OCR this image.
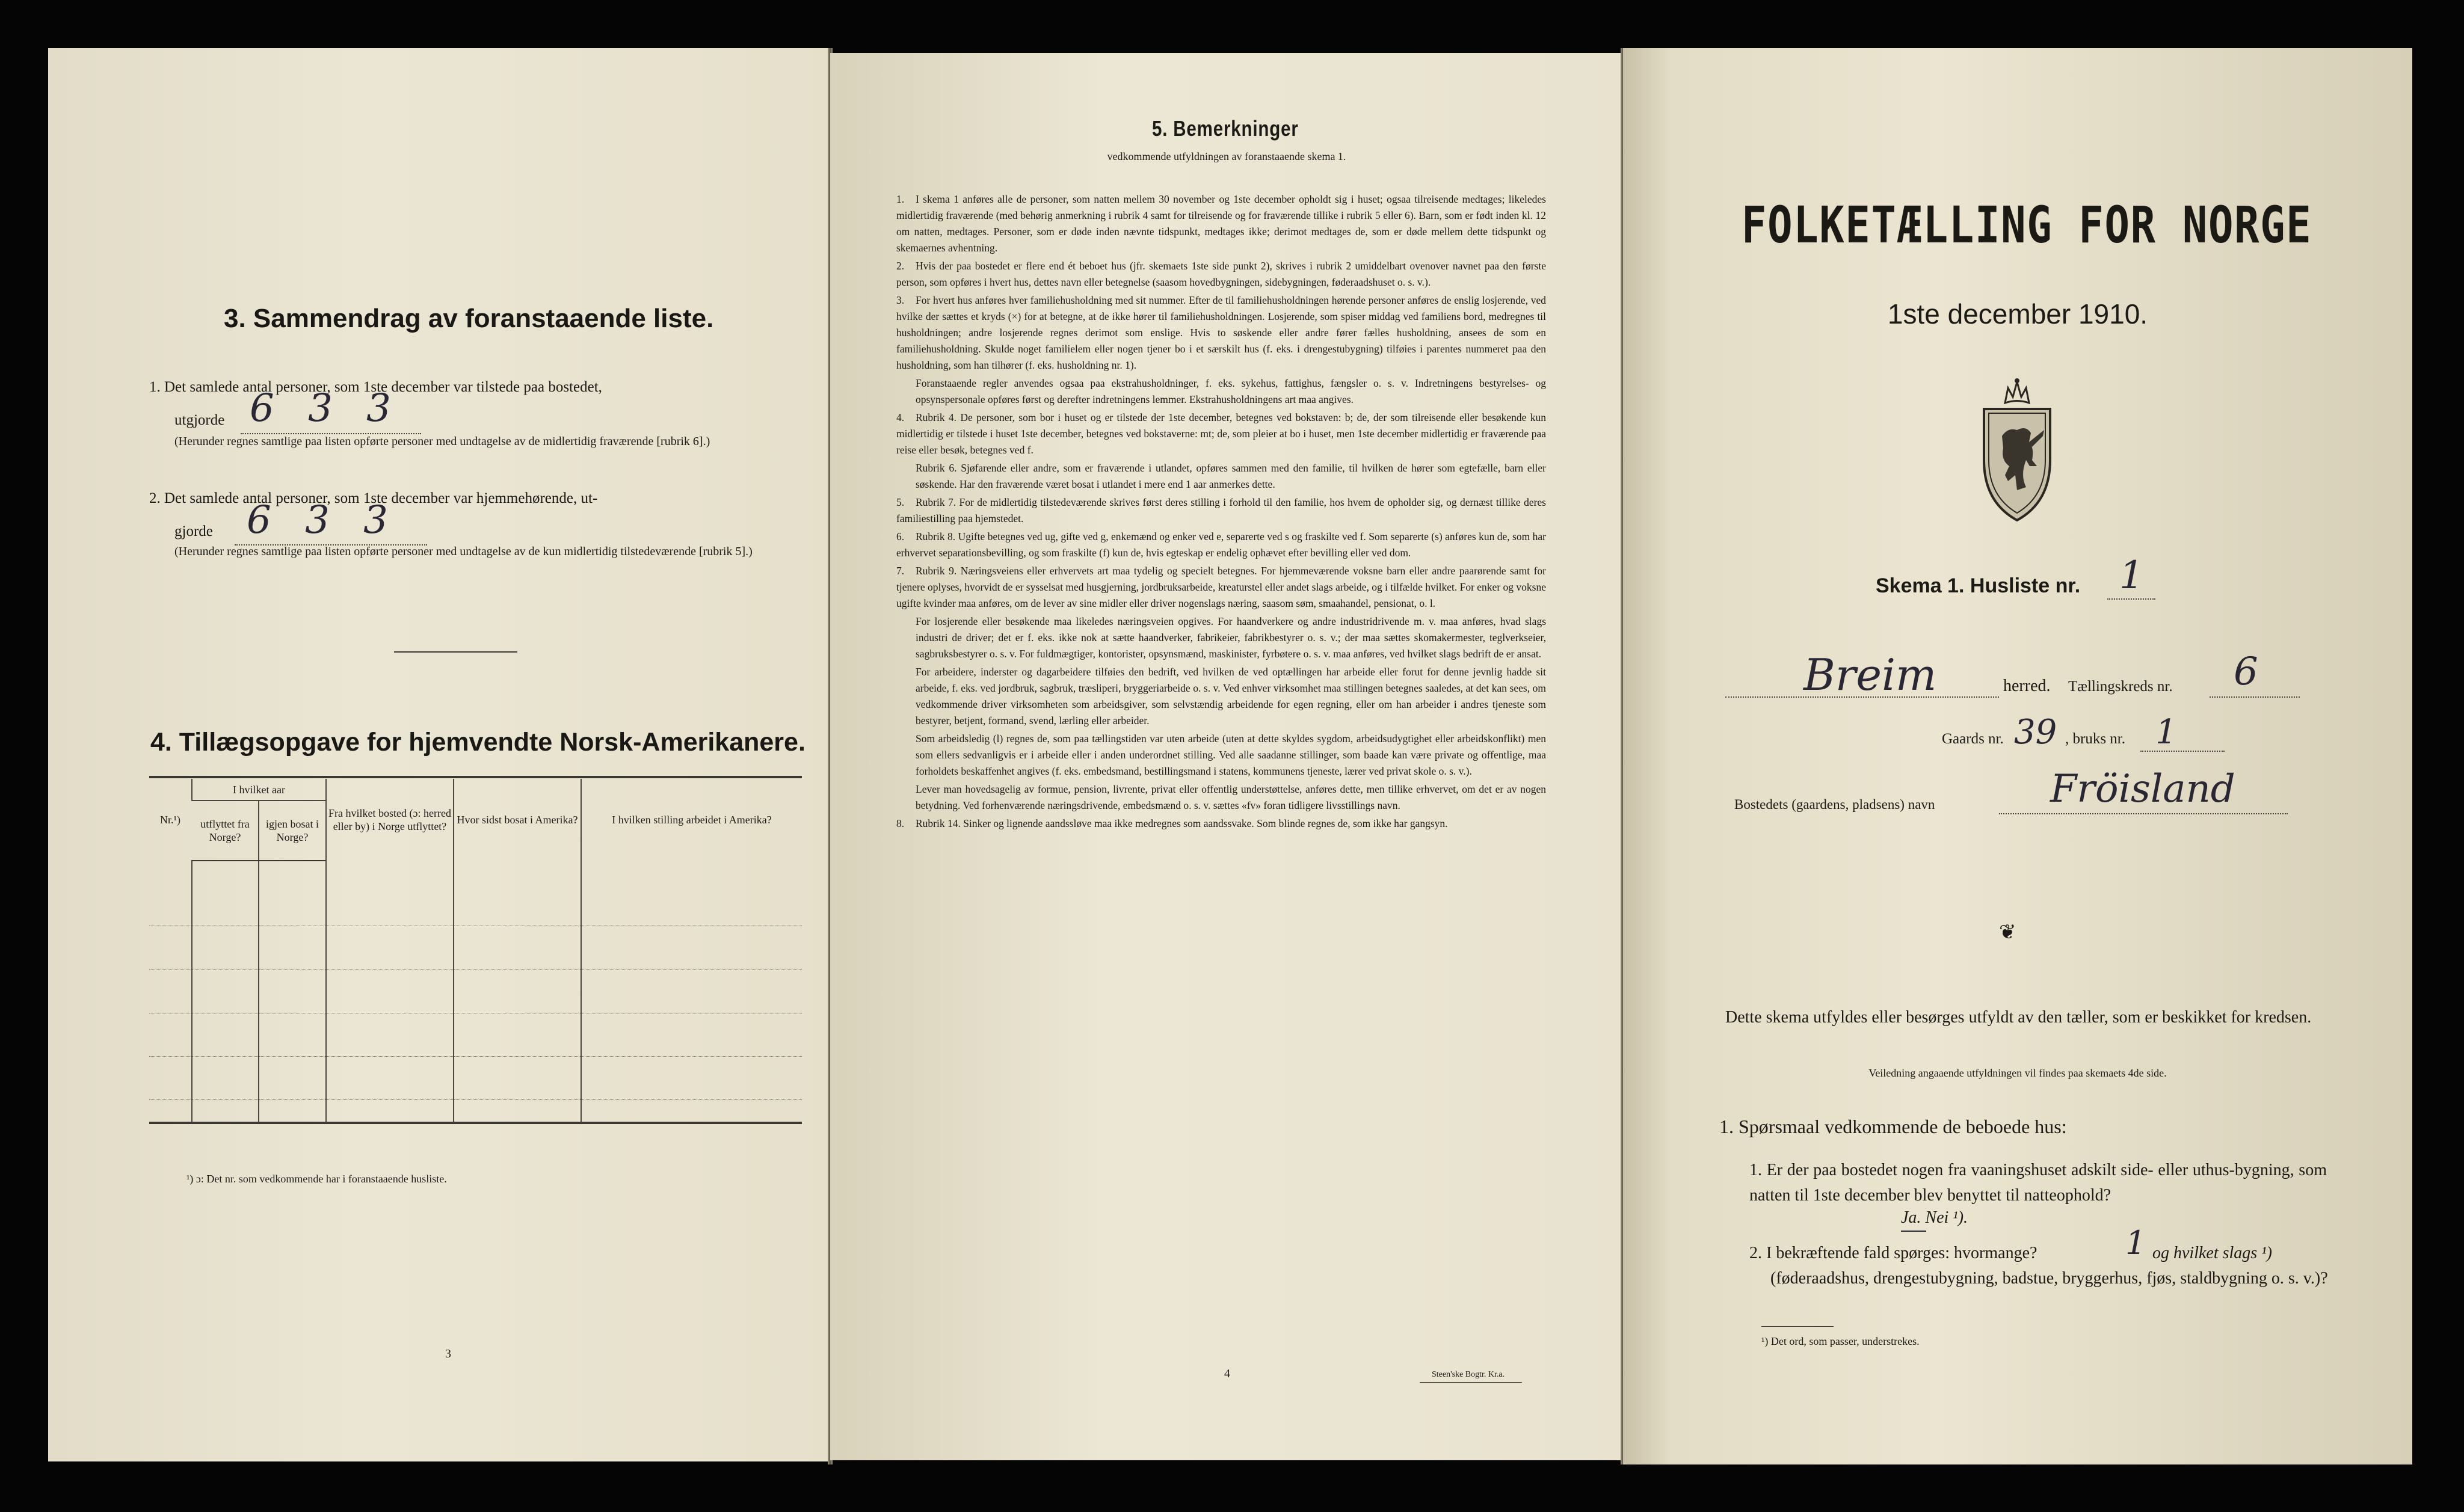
3. Sammendrag av foranstaaende liste.
1. Det samlede antal personer, som 1ste december var tilstede paa bostedet,
utgjorde 6 3 3
(Herunder regnes samtlige paa listen opførte personer med undtagelse av de midlertidig fraværende [rubrik 6].)
2. Det samlede antal personer, som 1ste december var hjemmehørende, ut-
gjorde 6 3 3
(Herunder regnes samtlige paa listen opførte personer med undtagelse av de kun midlertidig tilstedeværende [rubrik 5].)
4. Tillægsopgave for hjemvendte Norsk-Amerikanere.
Nr.¹)	I hvilket aar		Fra hvilket bosted (ɔ: herred eller by) i Norge utflyttet?	Hvor sidst bosat i Amerika?	I hvilken stilling arbeidet i Amerika?
	utflyttet fra Norge?	igjen bosat i Norge?			

¹) ɔ: Det nr. som vedkommende har i foranstaaende husliste.
3
5. Bemerkninger
vedkommende utfyldningen av foranstaaende skema 1.
1. I skema 1 anføres alle de personer, som natten mellem 30 november og 1ste december opholdt sig i huset; ogsaa tilreisende medtages; likeledes midlertidig fraværende (med behørig anmerkning i rubrik 4 samt for tilreisende og for fraværende tillike i rubrik 5 eller 6). Barn, som er født inden kl. 12 om natten, medtages. Personer, som er døde inden nævnte tidspunkt, medtages ikke; derimot medtages de, som er døde mellem dette tidspunkt og skemaernes avhentning.
2. Hvis der paa bostedet er flere end ét beboet hus (jfr. skemaets 1ste side punkt 2), skrives i rubrik 2 umiddelbart ovenover navnet paa den første person, som opføres i hvert hus, dettes navn eller betegnelse (saasom hovedbygningen, sidebygningen, føderaadshuset o. s. v.).
3. For hvert hus anføres hver familiehusholdning med sit nummer. Efter de til familiehusholdningen hørende personer anføres de enslig losjerende, ved hvilke der sættes et kryds (×) for at betegne, at de ikke hører til familiehusholdningen. Losjerende, som spiser middag ved familiens bord, medregnes til husholdningen; andre losjerende regnes derimot som enslige. Hvis to søskende eller andre fører fælles husholdning, ansees de som en familiehusholdning. Skulde noget familielem eller nogen tjener bo i et særskilt hus (f. eks. i drengestubygning) tilføies i parentes nummeret paa den husholdning, som han tilhører (f. eks. husholdning nr. 1).
Foranstaaende regler anvendes ogsaa paa ekstrahusholdninger, f. eks. sykehus, fattighus, fængsler o. s. v. Indretningens bestyrelses- og opsynspersonale opføres først og derefter indretningens lemmer. Ekstrahusholdningens art maa angives.
4. Rubrik 4. De personer, som bor i huset og er tilstede der 1ste december, betegnes ved bokstaven: b; de, der som tilreisende eller besøkende kun midlertidig er tilstede i huset 1ste december, betegnes ved bokstaverne: mt; de, som pleier at bo i huset, men 1ste december midlertidig er fraværende paa reise eller besøk, betegnes ved f.
Rubrik 6. Sjøfarende eller andre, som er fraværende i utlandet, opføres sammen med den familie, til hvilken de hører som egtefælle, barn eller søskende. Har den fraværende været bosat i utlandet i mere end 1 aar anmerkes dette.
5. Rubrik 7. For de midlertidig tilstedeværende skrives først deres stilling i forhold til den familie, hos hvem de opholder sig, og dernæst tillike deres familiestilling paa hjemstedet.
6. Rubrik 8. Ugifte betegnes ved ug, gifte ved g, enkemænd og enker ved e, separerte ved s og fraskilte ved f. Som separerte (s) anføres kun de, som har erhvervet separationsbevilling, og som fraskilte (f) kun de, hvis egteskap er endelig ophævet efter bevilling eller ved dom.
7. Rubrik 9. Næringsveiens eller erhvervets art maa tydelig og specielt betegnes. For hjemmeværende voksne barn eller andre paarørende samt for tjenere oplyses, hvorvidt de er sysselsat med husgjerning, jordbruksarbeide, kreaturstel eller andet slags arbeide, og i tilfælde hvilket. For enker og voksne ugifte kvinder maa anføres, om de lever av sine midler eller driver nogenslags næring, saasom søm, smaahandel, pensionat, o. l.
For losjerende eller besøkende maa likeledes næringsveien opgives. For haandverkere og andre industridrivende m. v. maa anføres, hvad slags industri de driver; det er f. eks. ikke nok at sætte haandverker, fabrikeier, fabrikbestyrer o. s. v.; der maa sættes skomakermester, teglverkseier, sagbruksbestyrer o. s. v. For fuldmægtiger, kontorister, opsynsmænd, maskinister, fyrbøtere o. s. v. maa anføres, ved hvilket slags bedrift de er ansat.
For arbeidere, inderster og dagarbeidere tilføies den bedrift, ved hvilken de ved optællingen har arbeide eller forut for denne jevnlig hadde sit arbeide, f. eks. ved jordbruk, sagbruk, træsliperi, bryggeriarbeide o. s. v. Ved enhver virksomhet maa stillingen betegnes saaledes, at det kan sees, om vedkommende driver virksomheten som arbeidsgiver, som selvstændig arbeidende for egen regning, eller om han arbeider i andres tjeneste som bestyrer, betjent, formand, svend, lærling eller arbeider.
Som arbeidsledig (l) regnes de, som paa tællingstiden var uten arbeide (uten at dette skyldes sygdom, arbeidsudygtighet eller arbeidskonflikt) men som ellers sedvanligvis er i arbeide eller i anden underordnet stilling. Ved alle saadanne stillinger, som baade kan være private og offentlige, maa forholdets beskaffenhet angives (f. eks. embedsmand, bestillingsmand i statens, kommunens tjeneste, lærer ved privat skole o. s. v.).
Lever man hovedsagelig av formue, pension, livrente, privat eller offentlig understøttelse, anføres dette, men tillike erhvervet, om det er av nogen betydning. Ved forhenværende næringsdrivende, embedsmænd o. s. v. sættes «fv» foran tidligere livsstillings navn.
8. Rubrik 14. Sinker og lignende aandssløve maa ikke medregnes som aandssvake. Som blinde regnes de, som ikke har gangsyn.
4	Steen'ske Bogtr. Kr.a.
FOLKETÆLLING FOR NORGE
1ste december 1910.
Skema 1. Husliste nr. 1
Breim	herred. Tællingskreds nr. 6
Gaards nr. 39 , bruks nr. 1
Bostedets (gaardens, pladsens) navn	Fröisland
❦
Dette skema utfyldes eller besørges utfyldt av den tæller, som er beskikket for kredsen.
Veiledning angaaende utfyldningen vil findes paa skemaets 4de side.
1. Spørsmaal vedkommende de beboede hus:
1. Er der paa bostedet nogen fra vaaningshuset adskilt side- eller uthus-bygning, som natten til 1ste december blev benyttet til natteophold?
Ja. Nei ¹).
2. I bekræftende fald spørges: hvormange?	1 og hvilket slags ¹)
(føderaadshus, drengestubygning, badstue, bryggerhus, fjøs, staldbygning o. s. v.)?
¹) Det ord, som passer, understrekes.
